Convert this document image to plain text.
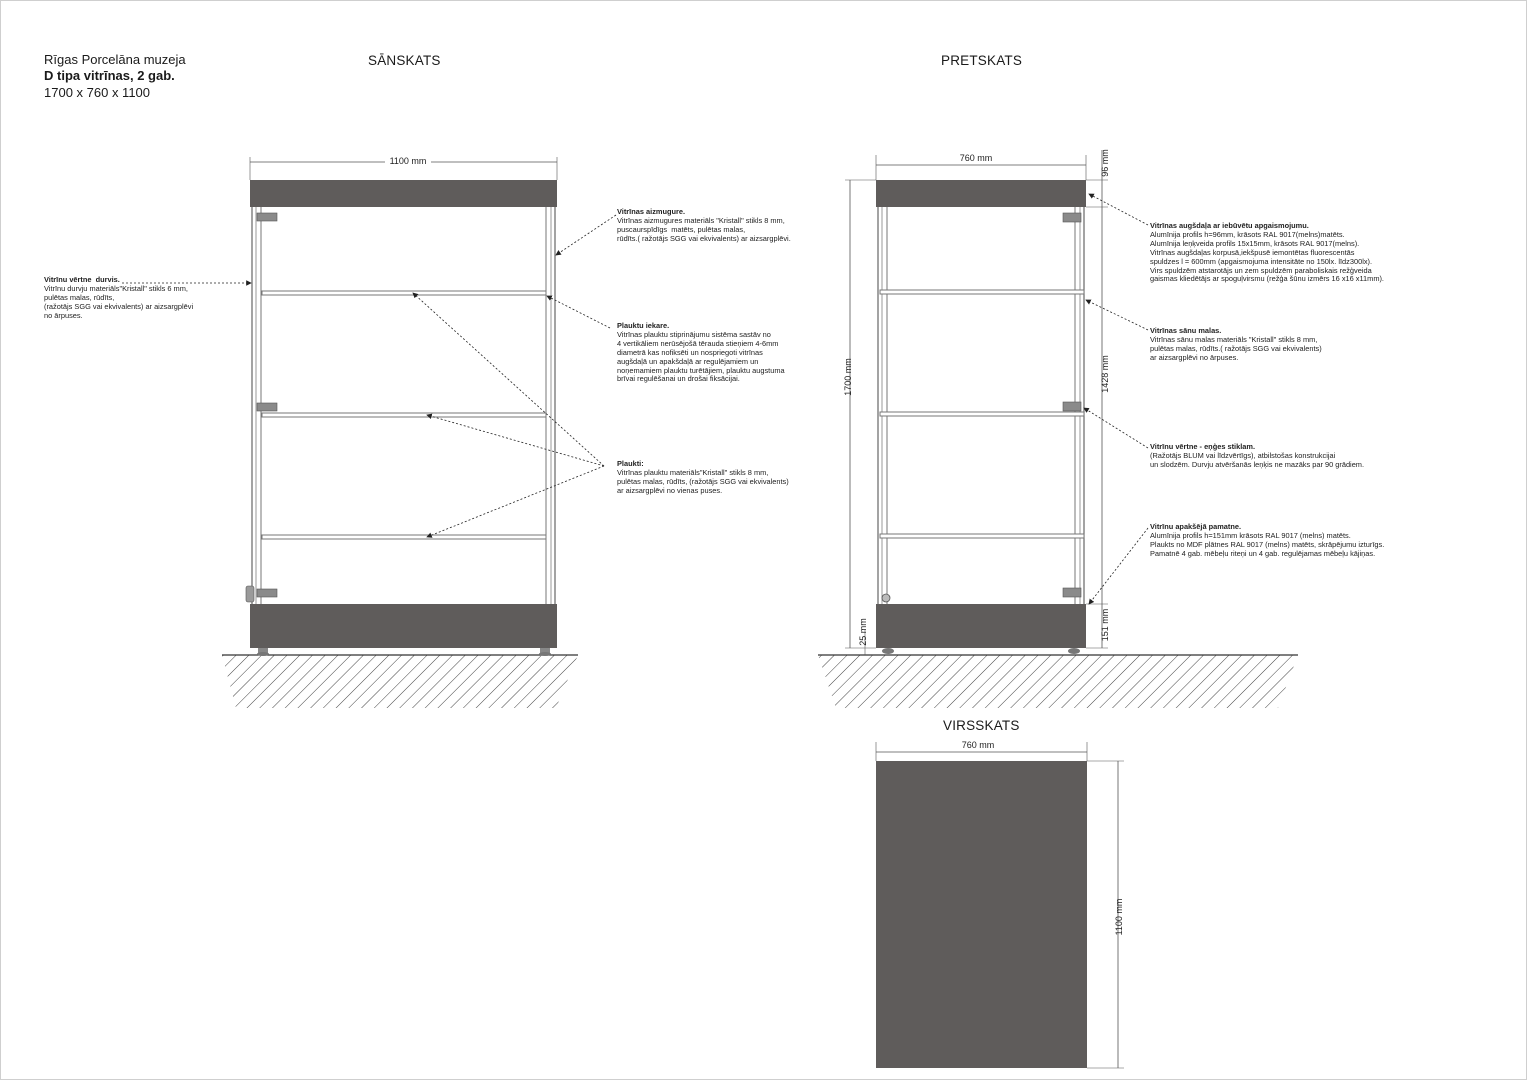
Rīgas Porcelāna muzeja
D tipa vitrīnas, 2 gab.
1700 x 760 x 1100
SĀNSKATS	PRETSKATS
VIRSSKATS
1100 mm	760 mm
1700 mm
25 mm
96 mm
1428 mm
151 mm
760 mm
1100 mm
Vitrīnu vērtne  durvis.
Vitrīnu durvju materiāls"Kristall" stikls 6 mm,
pulētas malas, rūdīts,
(ražotājs SGG vai ekvivalents) ar aizsargplēvi
no ārpuses.
Vitrīnas aizmugure.
Vitrīnas aizmugures materiāls "Kristall" stikls 8 mm,
puscaurspīdīgs  matēts, pulētas malas,
rūdīts.( ražotājs SGG vai ekvivalents) ar aizsargplēvi.
Plauktu iekare.
Vitrīnas plauktu stiprinājumu sistēma sastāv no
4 vertikāliem nerūsējošā tērauda stieņiem 4-6mm
diametrā kas nofiksēti un nospriegoti vitrīnas
augšdaļā un apakšdaļā ar regulējamiem un
noņemamiem plauktu turētājiem, plauktu augstuma
brīvai regulēšanai un drošai fiksācijai.
Plaukti:
Vitrīnas plauktu materiāls"Kristall" stikls 8 mm,
pulētas malas, rūdīts, (ražotājs SGG vai ekvivalents)
ar aizsargplēvi no vienas puses.
Vitrīnas augšdaļa ar iebūvētu apgaismojumu.
Alumīnija profils h=96mm, krāsots RAL 9017(melns)matēts.
Alumīnija leņķveida profils 15x15mm, krāsots RAL 9017(melns).
Vitrīnas augšdaļas korpusā,iekšpusē iemontētas fluorescentās
spuldzes l = 600mm (apgaismojuma intensitāte no 150lx. līdz300lx).
Virs spuldzēm atstarotājs un zem spuldzēm paraboliskais režģveida
gaismas kliedētājs ar spoguļvirsmu (režģa šūnu izmērs 16 x16 x11mm).
Vitrīnas sānu malas.
Vitrīnas sānu malas materiāls "Kristall" stikls 8 mm,
pulētas malas, rūdīts.( ražotājs SGG vai ekvivalents)
ar aizsargplēvi no ārpuses.
Vitrīnu vērtne - eņģes stiklam.
(Ražotājs BLUM vai līdzvērtīgs), atbilstošas konstrukcijai
un slodzēm. Durvju atvēršanās leņķis ne mazāks par 90 grādiem.
Vitrīnu apakšējā pamatne.
Alumīnija profils h=151mm krāsots RAL 9017 (melns) matēts.
Plaukts no MDF plātnes RAL 9017 (melns) matēts, skrāpējumu izturīgs.
Pamatnē 4 gab. mēbeļu riteņi un 4 gab. regulējamas mēbeļu kājiņas.
